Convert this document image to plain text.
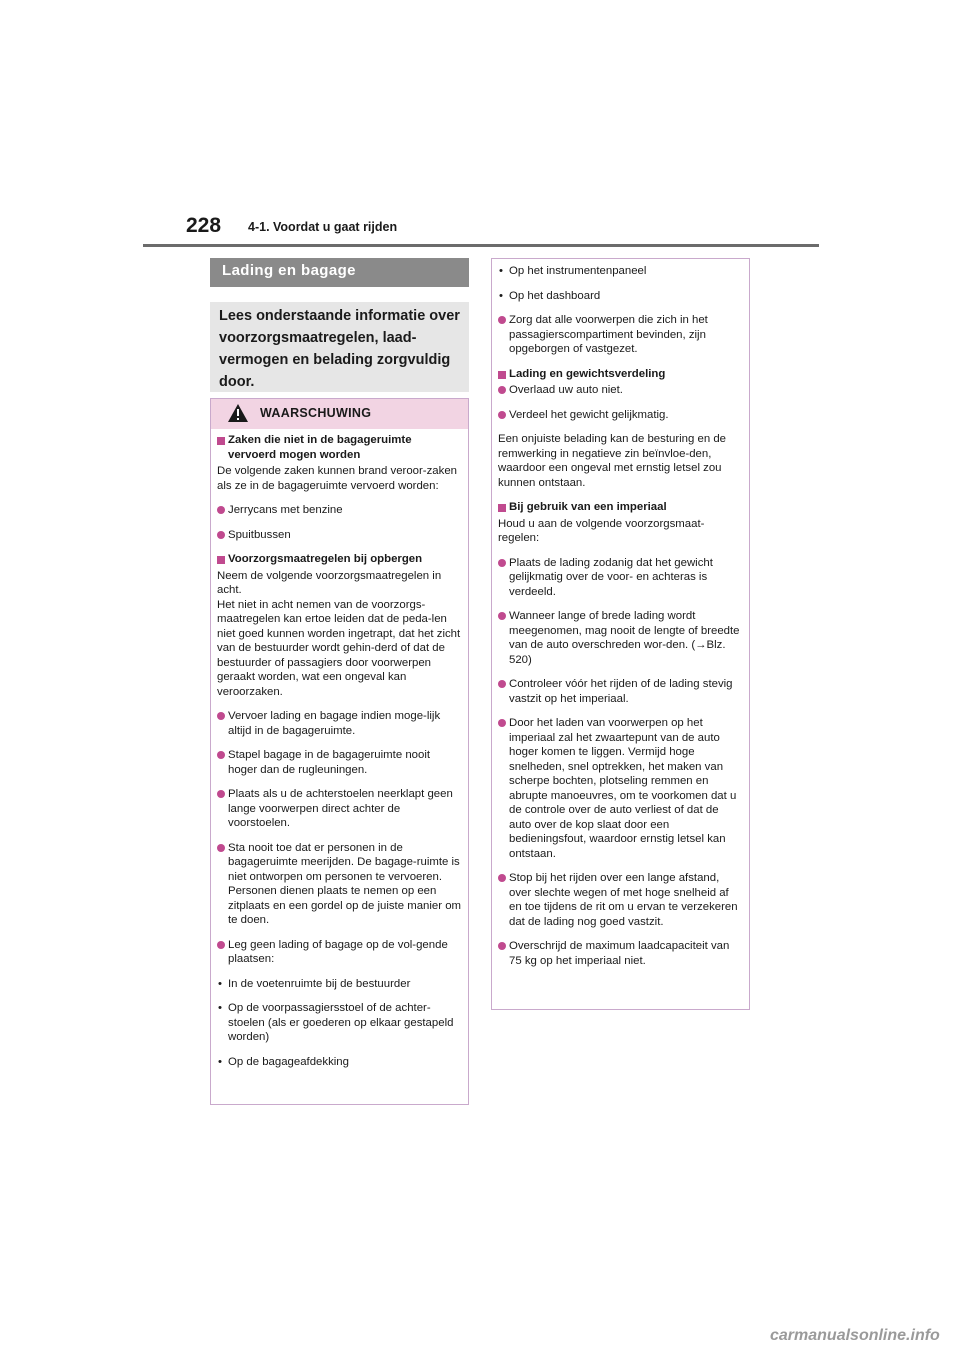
228 4-1. Voordat u gaat rijden
Lading en bagage
Lees onderstaande informatie over voorzorgsmaatregelen, laad-vermogen en belading zorgvuldig door.
WAARSCHUWING
Zaken die niet in de bagageruimte vervoerd mogen worden
De volgende zaken kunnen brand veroor-zaken als ze in de bagageruimte vervoerd worden:
Jerrycans met benzine
Spuitbussen
Voorzorgsmaatregelen bij opbergen
Neem de volgende voorzorgsmaatregelen in acht.
Het niet in acht nemen van de voorzorgs-maatregelen kan ertoe leiden dat de peda-len niet goed kunnen worden ingetrapt, dat het zicht van de bestuurder wordt gehin-derd of dat de bestuurder of passagiers door voorwerpen geraakt worden, wat een ongeval kan veroorzaken.
Vervoer lading en bagage indien moge-lijk altijd in de bagageruimte.
Stapel bagage in de bagageruimte nooit hoger dan de rugleuningen.
Plaats als u de achterstoelen neerklapt geen lange voorwerpen direct achter de voorstoelen.
Sta nooit toe dat er personen in de bagageruimte meerijden. De bagage-ruimte is niet ontworpen om personen te vervoeren. Personen dienen plaats te nemen op een zitplaats en een gordel op de juiste manier om te doen.
Leg geen lading of bagage op de vol-gende plaatsen:
• In de voetenruimte bij de bestuurder
• Op de voorpassagiersstoel of de achter-stoelen (als er goederen op elkaar gestapeld worden)
• Op de bagageafdekking
• Op het instrumentenpaneel
• Op het dashboard
Zorg dat alle voorwerpen die zich in het passagierscompartiment bevinden, zijn opgeborgen of vastgezet.
Lading en gewichtsverdeling
Overlaad uw auto niet.
Verdeel het gewicht gelijkmatig.
Een onjuiste belading kan de besturing en de remwerking in negatieve zin beïnvloe-den, waardoor een ongeval met ernstig letsel zou kunnen ontstaan.
Bij gebruik van een imperiaal
Houd u aan de volgende voorzorgsmaat-regelen:
Plaats de lading zodanig dat het gewicht gelijkmatig over de voor- en achteras is verdeeld.
Wanneer lange of brede lading wordt meegenomen, mag nooit de lengte of breedte van de auto overschreden wor-den. (→Blz. 520)
Controleer vóór het rijden of de lading stevig vastzit op het imperiaal.
Door het laden van voorwerpen op het imperiaal zal het zwaartepunt van de auto hoger komen te liggen. Vermijd hoge snelheden, snel optrekken, het maken van scherpe bochten, plotseling remmen en abrupte manoeuvres, om te voorkomen dat u de controle over de auto verliest of dat de auto over de kop slaat door een bedieningsfout, waardoor ernstig letsel kan ontstaan.
Stop bij het rijden over een lange afstand, over slechte wegen of met hoge snelheid af en toe tijdens de rit om u ervan te verzekeren dat de lading nog goed vastzit.
Overschrijd de maximum laadcapaciteit van 75 kg op het imperiaal niet.
carmanualsonline.info
